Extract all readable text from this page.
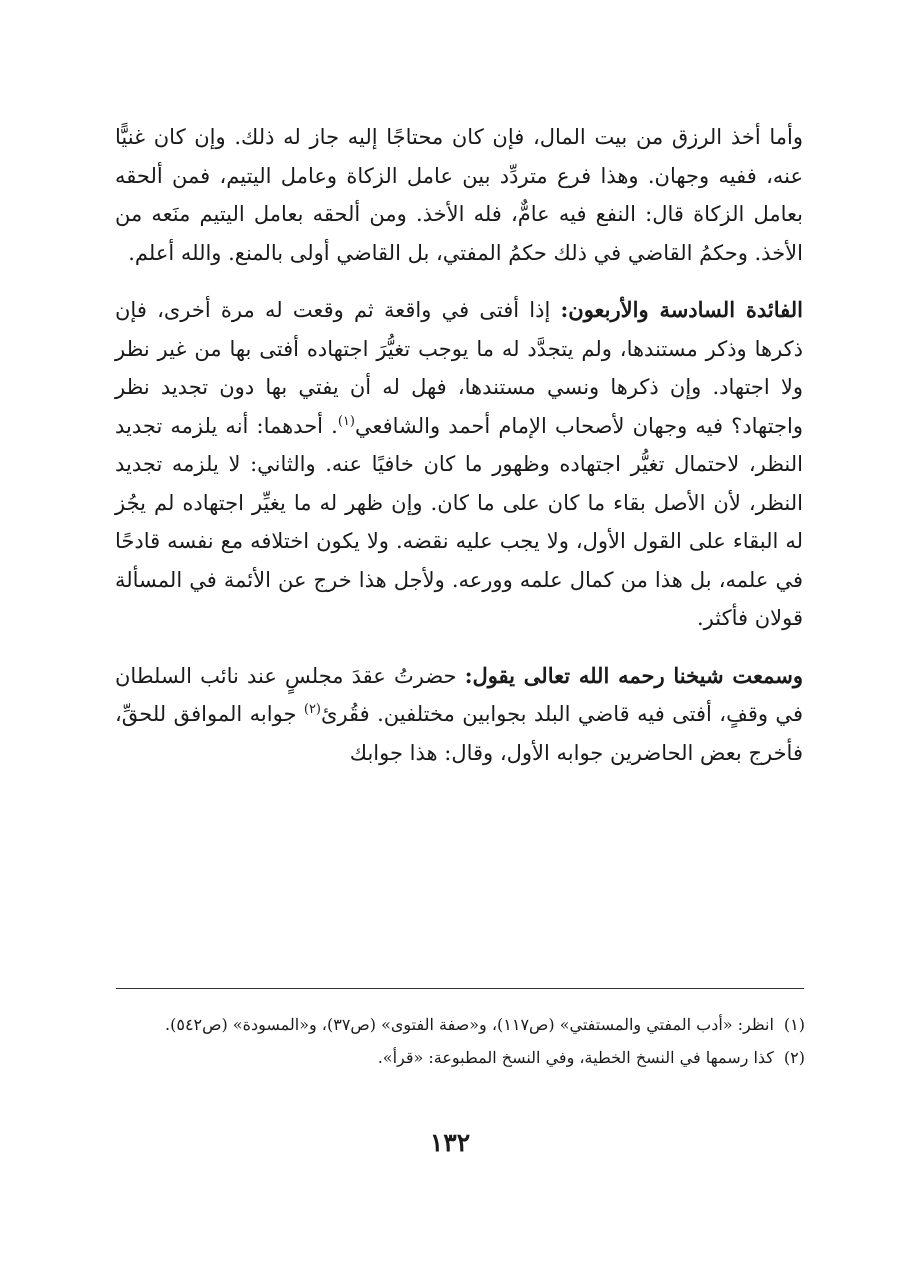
وأما أخذ الرزق من بيت المال، فإن كان محتاجًا إليه جاز له ذلك. وإن كان غنيًّا عنه، ففيه وجهان. وهذا فرع متردِّد بين عامل الزكاة وعامل اليتيم، فمن ألحقه بعامل الزكاة قال: النفع فيه عامٌّ، فله الأخذ. ومن ألحقه بعامل اليتيم منَعه من الأخذ. وحكمُ القاضي في ذلك حكمُ المفتي، بل القاضي أولى بالمنع. والله أعلم.

الفائدة السادسة والأربعون: إذا أفتى في واقعة ثم وقعت له مرة أخرى، فإن ذكرها وذكر مستندها، ولم يتجدَّد له ما يوجب تغيُّرَ اجتهاده أفتى بها من غير نظر ولا اجتهاد. وإن ذكرها ونسي مستندها، فهل له أن يفتي بها دون تجديد نظر واجتهاد؟ فيه وجهان لأصحاب الإمام أحمد والشافعي$^{(١)}$. أحدهما: أنه يلزمه تجديد النظر، لاحتمال تغيُّر اجتهاده وظهور ما كان خافيًا عنه. والثاني: لا يلزمه تجديد النظر، لأن الأصل بقاء ما كان على ما كان. وإن ظهر له ما يغيِّر اجتهاده لم يجُز له البقاء على القول الأول، ولا يجب عليه نقضه. ولا يكون اختلافه مع نفسه قادحًا في علمه، بل هذا من كمال علمه وورعه. ولأجل هذا خرج عن الأئمة في المسألة قولان فأكثر.

وسمعت شيخنا رحمه الله تعالى يقول: حضرتُ عقدَ مجلسٍ عند نائب السلطان في وقفٍ، أفتى فيه قاضي البلد بجوابين مختلفين. فقُرئ$^{(٢)}$ جوابه الموافق للحقِّ، فأخرج بعض الحاضرين جوابه الأول، وقال: هذا جوابك

(١)انظر: «أدب المفتي والمستفتي» (ص١١٧)، و«صفة الفتوى» (ص٣٧)، و«المسودة» (ص٥٤٢).

(٢)كذا رسمها في النسخ الخطية، وفي النسخ المطبوعة: «قرأ».

١٣٢
